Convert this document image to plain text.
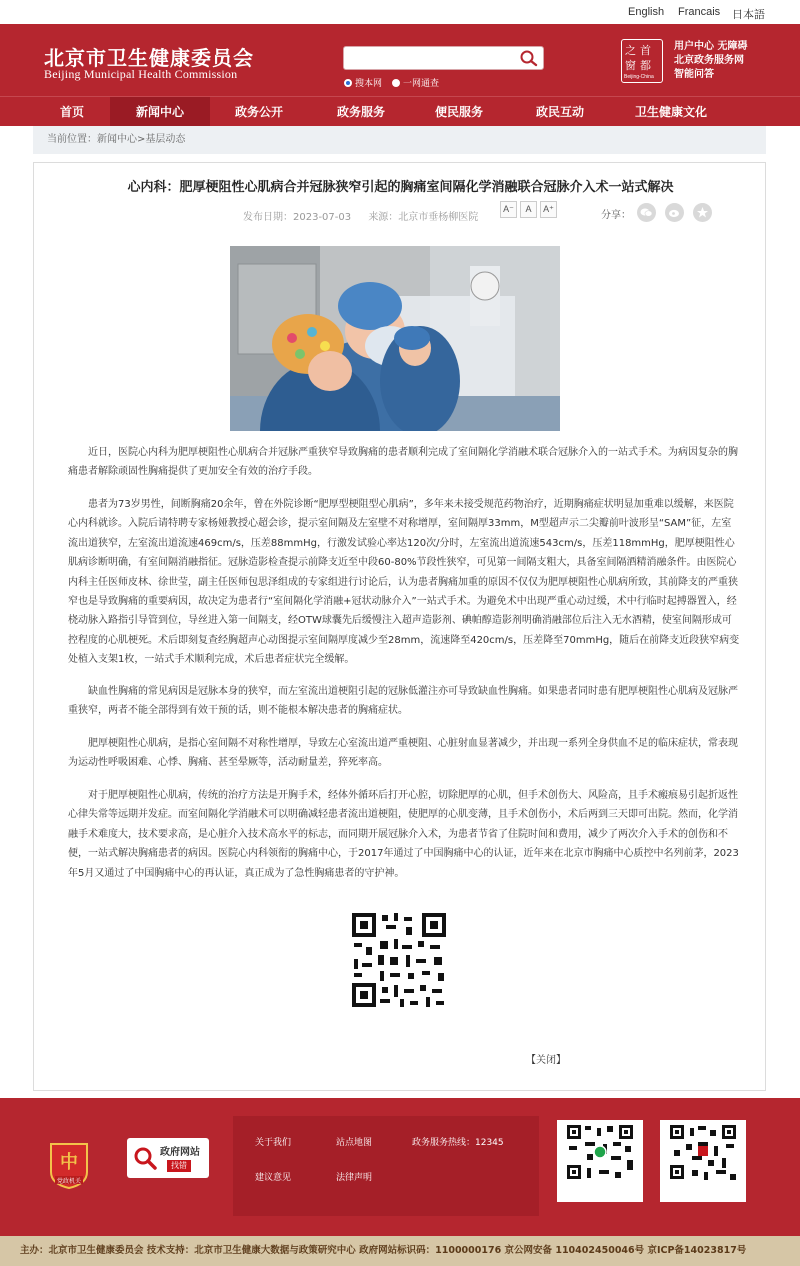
English Francais 日本語
北京市卫生健康委员会
Beijing Municipal Health Commission
搜本网 一网通查
之 首
窗 都
Beijing-China
用户中心 无障碍
北京政务服务网
智能问答
首页	新闻中心	政务公开	政务服务	便民服务	政民互动	卫生健康文化
当前位置：新闻中心>基层动态
心内科：肥厚梗阻性心肌病合并冠脉狭窄引起的胸痛室间隔化学消融联合冠脉介入术一站式解决
发布日期：2023-07-03 来源：北京市垂杨柳医院
A⁻	A	A⁺
分享：
近日，医院心内科为肥厚梗阻性心肌病合并冠脉严重狭窄导致胸痛的患者顺利完成了室间隔化学消融术联合冠脉介入的一站式手术。为病因复杂的胸痛患者解除顽固性胸痛提供了更加安全有效的治疗手段。
患者为73岁男性，间断胸痛20余年，曾在外院诊断“肥厚型梗阻型心肌病”，多年来未接受规范药物治疗，近期胸痛症状明显加重难以缓解，来医院心内科就诊。入院后请特聘专家杨娅教授心超会诊，提示室间隔及左室壁不对称增厚，室间隔厚33mm，M型超声示二尖瓣前叶波形呈“SAM”征，左室流出道狭窄，左室流出道流速469cm/s，压差88mmHg，行激发试验心率达120次/分时，左室流出道流速543cm/s，压差118mmHg，肥厚梗阻性心肌病诊断明确，有室间隔消融指征。冠脉造影检查提示前降支近至中段60-80%节段性狭窄，可见第一间隔支粗大，具备室间隔酒精消融条件。由医院心内科主任医师皮林、徐世莹，副主任医师包思泽组成的专家组进行讨论后，认为患者胸痛加重的原因不仅仅为肥厚梗阻性心肌病所致，其前降支的严重狭窄也是导致胸痛的重要病因，故决定为患者行“室间隔化学消融+冠状动脉介入”一站式手术。为避免术中出现严重心动过缓，术中行临时起搏器置入，经桡动脉入路指引导管到位，导丝进入第一间隔支，经OTW球囊先后缓慢注入超声造影剂、碘帕醇造影剂明确消融部位后注入无水酒精，使室间隔形成可控程度的心肌梗死。术后即刻复查经胸超声心动图提示室间隔厚度减少至28mm，流速降至420cm/s，压差降至70mmHg，随后在前降支近段狭窄病变处植入支架1枚，一站式手术顺利完成，术后患者症状完全缓解。
缺血性胸痛的常见病因是冠脉本身的狭窄，而左室流出道梗阻引起的冠脉低灌注亦可导致缺血性胸痛。如果患者同时患有肥厚梗阻性心肌病及冠脉严重狭窄，两者不能全部得到有效干预的话，则不能根本解决患者的胸痛症状。
肥厚梗阻性心肌病，是指心室间隔不对称性增厚，导致左心室流出道严重梗阻、心脏射血显著减少，并出现一系列全身供血不足的临床症状，常表现为运动性呼吸困难、心悸、胸痛、甚至晕厥等，活动耐量差，猝死率高。
对于肥厚梗阻性心肌病，传统的治疗方法是开胸手术，经体外循环后打开心腔，切除肥厚的心肌，但手术创伤大、风险高，且手术瘢痕易引起折返性心律失常等远期并发症。而室间隔化学消融术可以明确减轻患者流出道梗阻，使肥厚的心肌变薄，且手术创伤小，术后两到三天即可出院。然而，化学消融手术难度大，技术要求高，是心脏介入技术高水平的标志，而同期开展冠脉介入术，为患者节省了住院时间和费用，减少了两次介入手术的创伤和不便，一站式解决胸痛患者的病因。医院心内科领衔的胸痛中心，于2017年通过了中国胸痛中心的认证，近年来在北京市胸痛中心质控中名列前茅，2023年5月又通过了中国胸痛中心的再认证，真正成为了急性胸痛患者的守护神。
【关闭】
中
党政机关
政府网站
找错
关于我们	站点地图	政务服务热线：12345
建议意见	法律声明
健康北京APP	健康北京公众号
主办：北京市卫生健康委员会 技术支持：北京市卫生健康大数据与政策研究中心 政府网站标识码：1100000176 京公网安备 110402450046号 京ICP备14023817号
